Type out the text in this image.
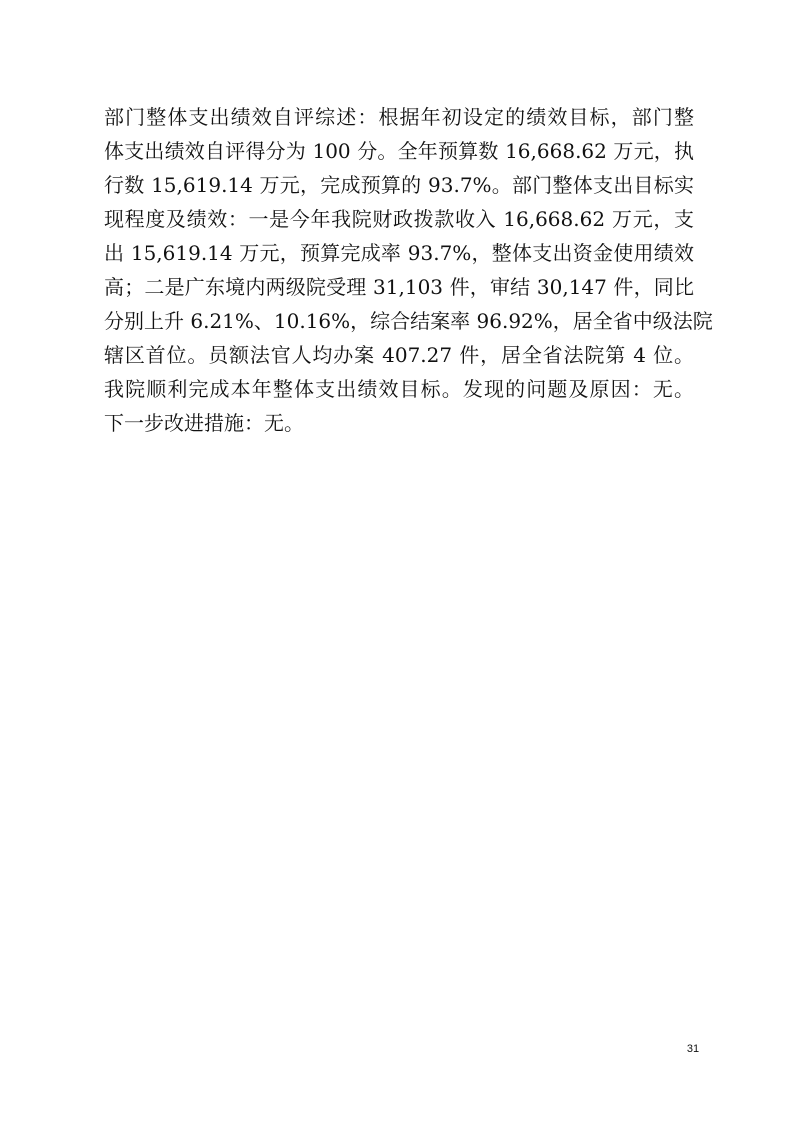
部门整体支出绩效自评综述：根据年初设定的绩效目标，部门整
体支出绩效自评得分为 100 分。全年预算数 16,668.62 万元，执
行数 15,619.14 万元，完成预算的 93.7%。部门整体支出目标实
现程度及绩效：一是今年我院财政拨款收入 16,668.62 万元，支
出 15,619.14 万元，预算完成率 93.7%，整体支出资金使用绩效
高；二是广东境内两级院受理 31,103 件，审结 30,147 件，同比
分别上升 6.21%、10.16%，综合结案率 96.92%，居全省中级法院
辖区首位。员额法官人均办案 407.27 件，居全省法院第 4 位。
我院顺利完成本年整体支出绩效目标。发现的问题及原因：无。
下一步改进措施：无。
31
